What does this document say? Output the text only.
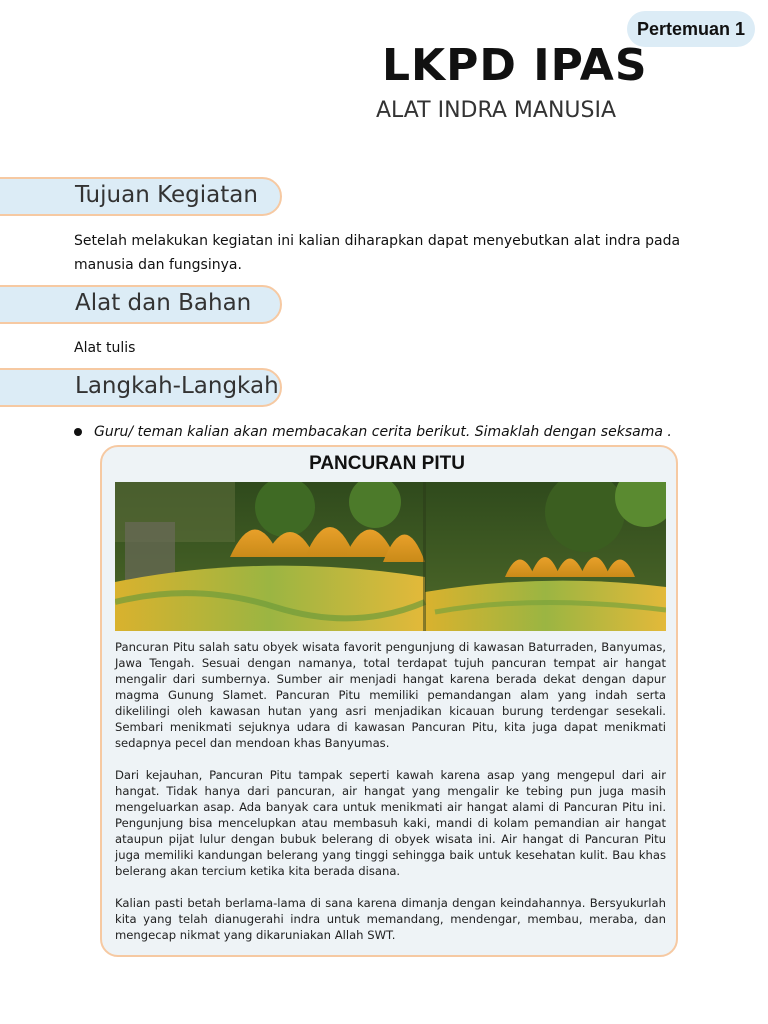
Pertemuan 1
LKPD IPAS
ALAT INDRA MANUSIA
Tujuan Kegiatan
Setelah melakukan kegiatan ini kalian diharapkan dapat menyebutkan alat indra pada manusia dan fungsinya.
Alat dan Bahan
Alat tulis
Langkah-Langkah
Guru/ teman kalian akan membacakan cerita berikut. Simaklah dengan seksama .
PANCURAN PITU

Pancuran Pitu salah satu obyek wisata favorit pengunjung di kawasan Baturraden, Banyumas, Jawa Tengah. Sesuai dengan namanya, total terdapat tujuh pancuran tempat air hangat mengalir dari sumbernya. Sumber air menjadi hangat karena berada dekat dengan dapur magma Gunung Slamet. Pancuran Pitu memiliki pemandangan alam yang indah serta dikelilingi oleh kawasan hutan yang asri menjadikan kicauan burung terdengar sesekali. Sembari menikmati sejuknya udara di kawasan Pancuran Pitu, kita juga dapat menikmati sedapnya pecel dan mendoan khas Banyumas.

Dari kejauhan, Pancuran Pitu tampak seperti kawah karena asap yang mengepul dari air hangat. Tidak hanya dari pancuran, air hangat yang mengalir ke tebing pun juga masih mengeluarkan asap. Ada banyak cara untuk menikmati air hangat alami di Pancuran Pitu ini. Pengunjung bisa mencelupkan atau membasuh kaki, mandi di kolam pemandian air hangat ataupun pijat lulur dengan bubuk belerang di obyek wisata ini. Air hangat di Pancuran Pitu juga memiliki kandungan belerang yang tinggi sehingga baik untuk kesehatan kulit. Bau khas belerang akan tercium ketika kita berada disana.

Kalian pasti betah berlama-lama di sana karena dimanja dengan keindahannya. Bersyukurlah kita yang telah dianugerahi indra untuk memandang, mendengar, membau, meraba, dan mengecap nikmat yang dikaruniakan Allah SWT.
